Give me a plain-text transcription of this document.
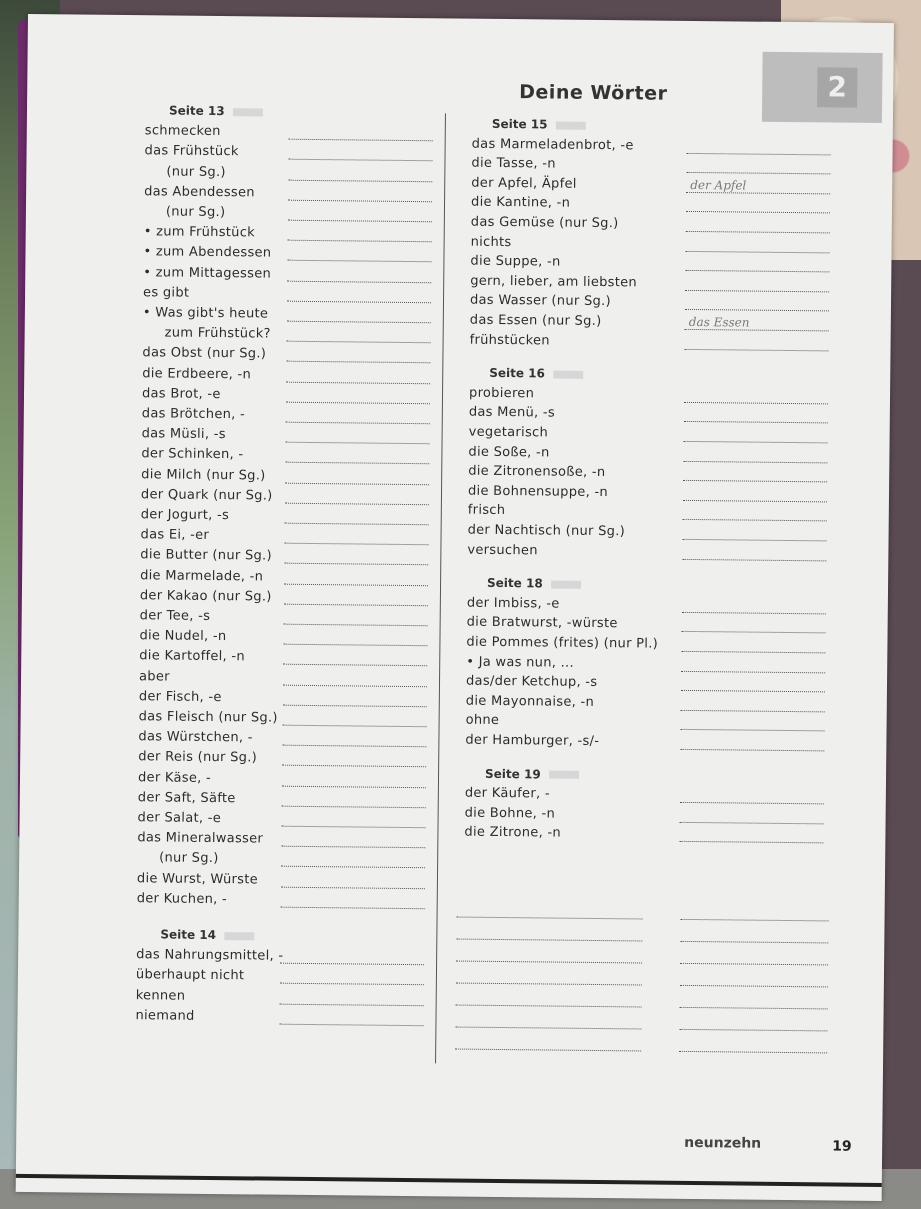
2
Deine Wörter
Seite 13
schmecken
das Frühstück
(nur Sg.)
das Abendessen
(nur Sg.)
• zum Frühstück
• zum Abendessen
• zum Mittagessen
es gibt
• Was gibt's heute
zum Frühstück?
das Obst (nur Sg.)
die Erdbeere, -n
das Brot, -e
das Brötchen, -
das Müsli, -s
der Schinken, -
die Milch (nur Sg.)
der Quark (nur Sg.)
der Jogurt, -s
das Ei, -er
die Butter (nur Sg.)
die Marmelade, -n
der Kakao (nur Sg.)
der Tee, -s
die Nudel, -n
die Kartoffel, -n
aber
der Fisch, -e
das Fleisch (nur Sg.)
das Würstchen, -
der Reis (nur Sg.)
der Käse, -
der Saft, Säfte
der Salat, -e
das Mineralwasser
(nur Sg.)
die Wurst, Würste
der Kuchen, -
Seite 14
das Nahrungsmittel, -
überhaupt nicht
kennen
niemand
Seite 15
das Marmeladenbrot, -e
die Tasse, -n
der Apfel, Äpfel	der Apfel
die Kantine, -n
das Gemüse (nur Sg.)
nichts
die Suppe, -n
gern, lieber, am liebsten
das Wasser (nur Sg.)
das Essen (nur Sg.)	das Essen
frühstücken
Seite 16
probieren
das Menü, -s
vegetarisch
die Soße, -n
die Zitronensoße, -n
die Bohnensuppe, -n
frisch
der Nachtisch (nur Sg.)
versuchen
Seite 18
der Imbiss, -e
die Bratwurst, -würste
die Pommes (frites) (nur Pl.)
• Ja was nun, ...
das/der Ketchup, -s
die Mayonnaise, -n
ohne
der Hamburger, -s/-
Seite 19
der Käufer, -
die Bohne, -n
die Zitrone, -n
neunzehn	19
